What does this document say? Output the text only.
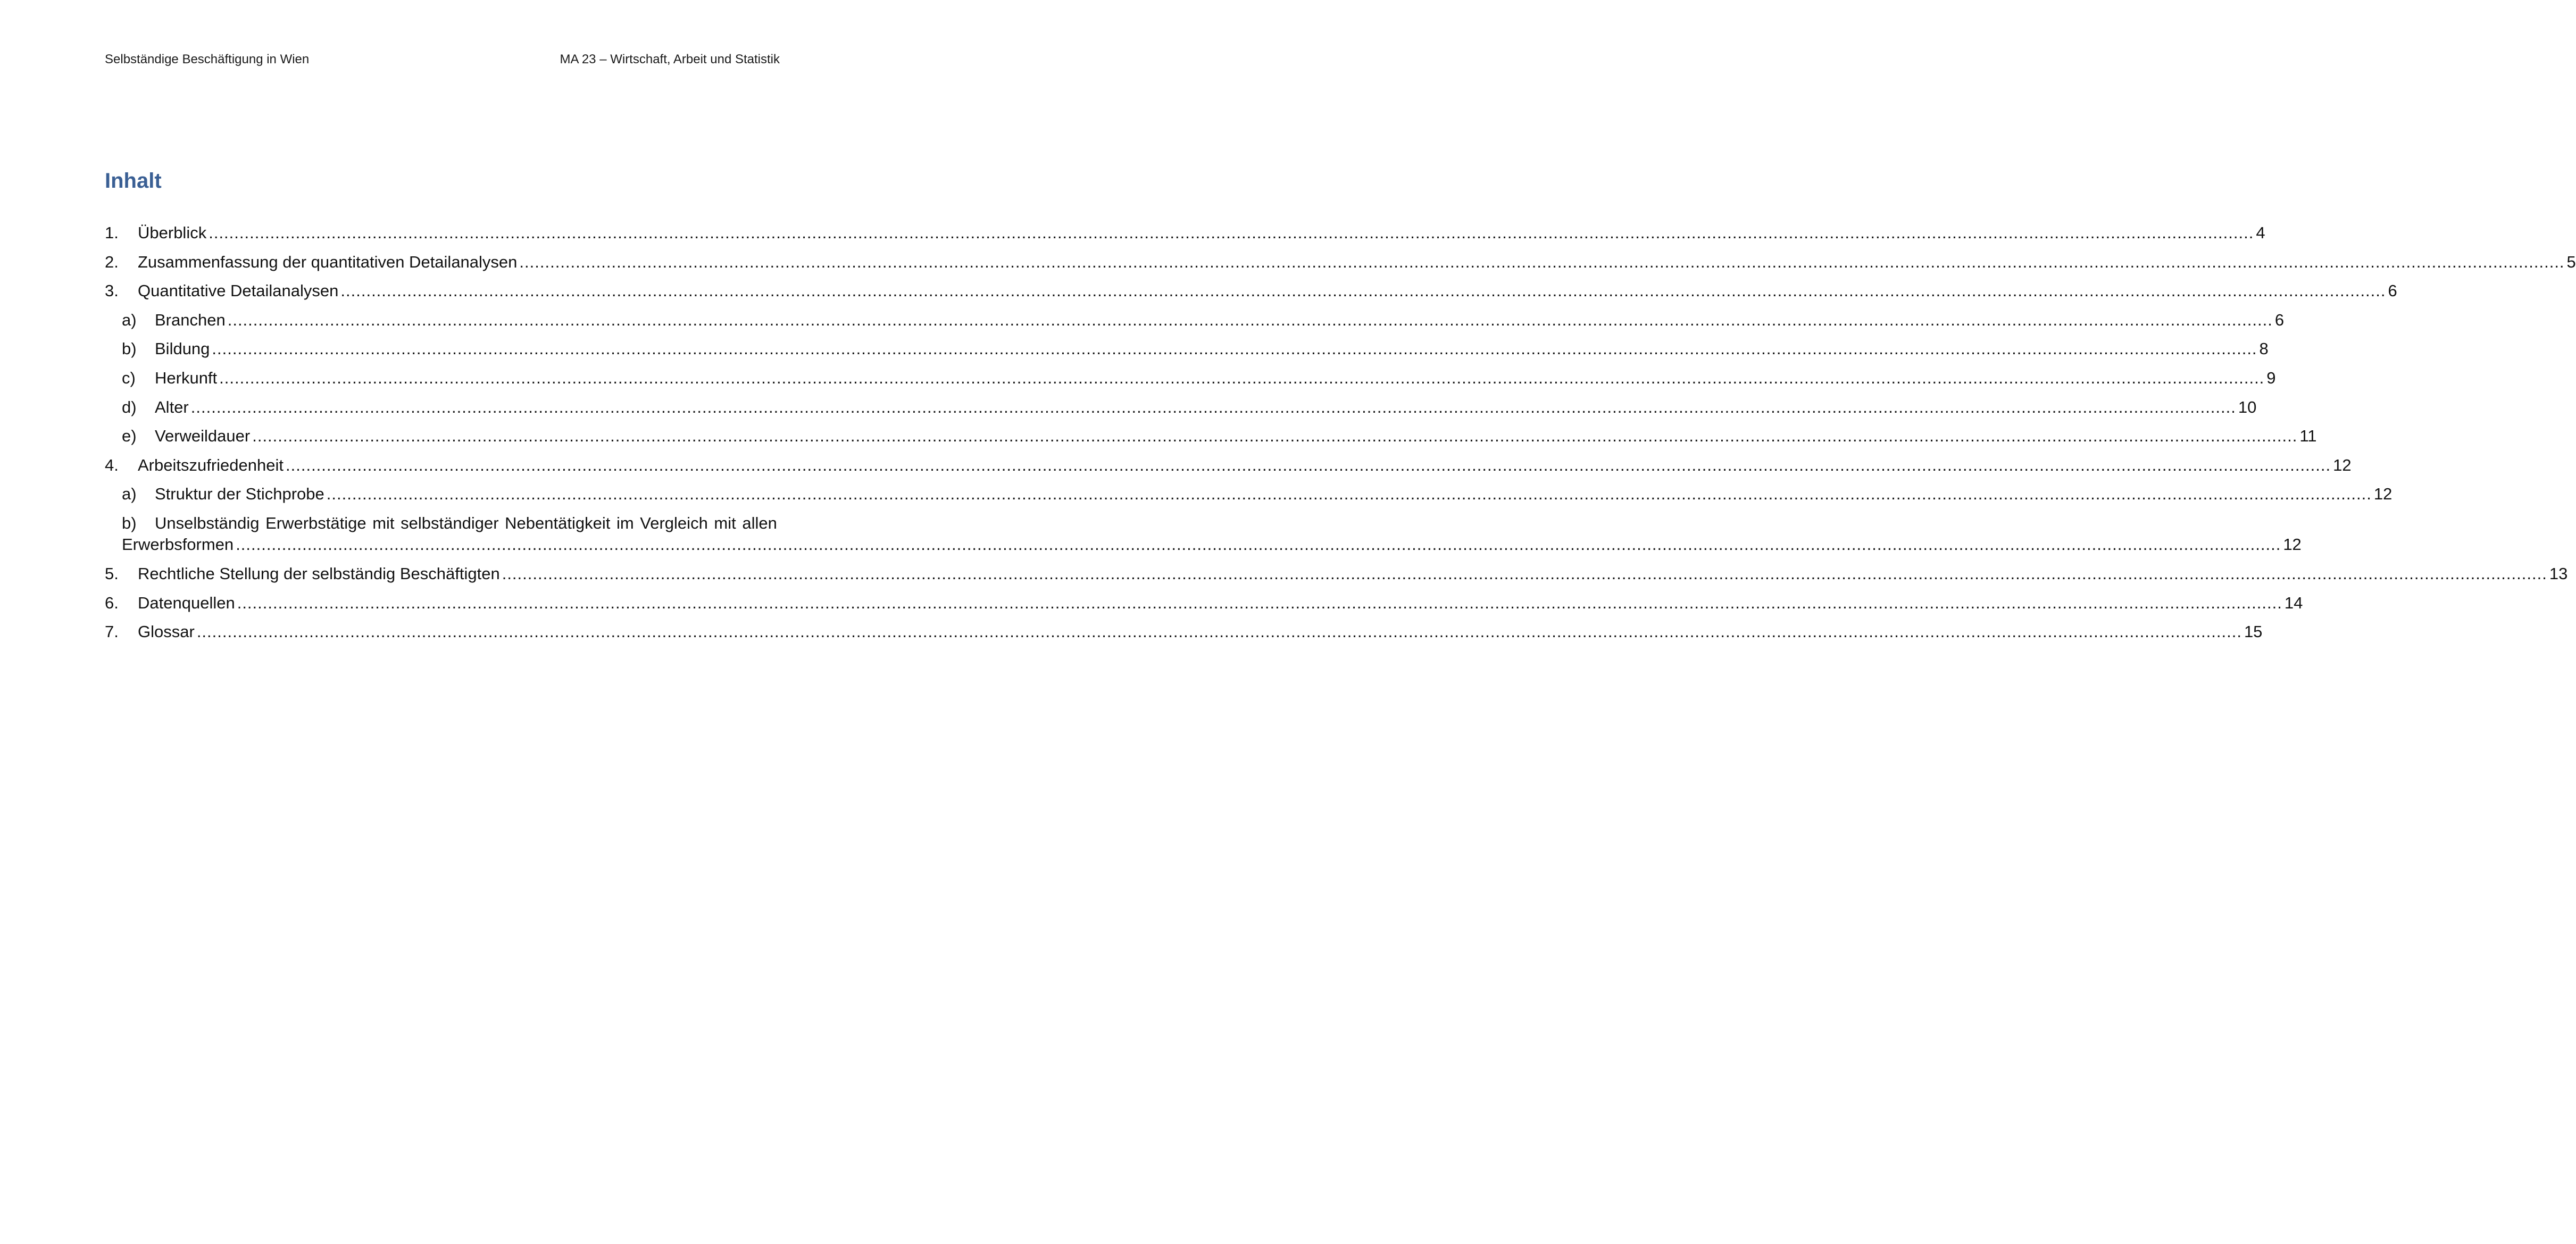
Selbständige Beschäftigung in Wien	MA 23 – Wirtschaft, Arbeit und Statistik
Inhalt
1.	Überblick ................................................................................................................................................................................................................................................................................................................................................................................................................ 4
2.	Zusammenfassung der quantitativen Detailanalysen ................................................................................................................................................................................................................................................................................................................................................................................................................ 5
3.	Quantitative Detailanalysen ................................................................................................................................................................................................................................................................................................................................................................................................................ 6
a)	Branchen ................................................................................................................................................................................................................................................................................................................................................................................................................ 6
b)	Bildung ................................................................................................................................................................................................................................................................................................................................................................................................................ 8
c)	Herkunft ................................................................................................................................................................................................................................................................................................................................................................................................................ 9
d)	Alter ................................................................................................................................................................................................................................................................................................................................................................................................................ 10
e)	Verweildauer ................................................................................................................................................................................................................................................................................................................................................................................................................ 11
4.	Arbeitszufriedenheit ................................................................................................................................................................................................................................................................................................................................................................................................................ 12
a)	Struktur der Stichprobe ................................................................................................................................................................................................................................................................................................................................................................................................................ 12
b)	Unselbständig Erwerbstätige mit selbständiger Nebentätigkeit im Vergleich mit allen
Erwerbsformen ................................................................................................................................................................................................................................................................................................................................................................................................................ 12
5.	Rechtliche Stellung der selbständig Beschäftigten ................................................................................................................................................................................................................................................................................................................................................................................................................ 13
6.	Datenquellen ................................................................................................................................................................................................................................................................................................................................................................................................................ 14
7.	Glossar ................................................................................................................................................................................................................................................................................................................................................................................................................ 15
